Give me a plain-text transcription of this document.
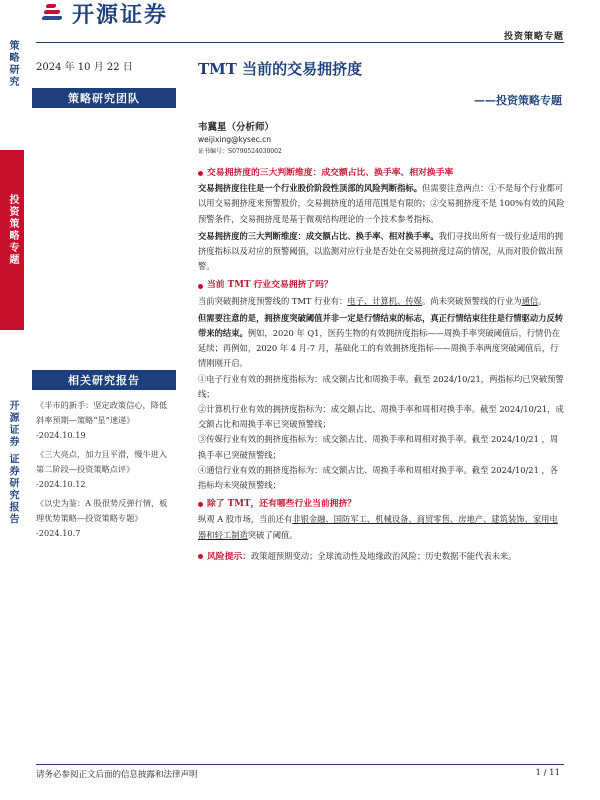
开源证券
投资策略专题
策略研究
投资策略专题
开源证券 证券研究报告
2024 年 10 月 22 日
策略研究团队
相关研究报告
《半市的新手：坚定政策信心，降低斜率预期—策略“星”速递》
-2024.10.19
《三大亮点，加力且平滑，慢牛进入第二阶段—投资策略点评》
-2024.10.12
《以史为鉴：A 股很势反弹行情，板理优势策略—投资策略专题》
-2024.10.7
TMT 当前的交易拥挤度
——投资策略专题
韦冀星（分析师）
weijixing@kysec.cn
证书编号：S0790524030002
交易拥挤度的三大判断维度：成交额占比、换手率、相对换手率

交易拥挤度往往是一个行业股价阶段性顶部的风险判断指标。但需要注意两点：①不是每个行业都可以用交易拥挤度来预警股价，交易拥挤度的适用范围是有限的；②交易拥挤度不是 100%有效的风险预警条件，交易拥挤度是基于微观结构理论的一个技术参考指标。

交易拥挤度的三大判断维度：成交额占比、换手率、相对换手率。我们寻找出所有一级行业适用的拥挤度指标以及对应的预警阈值，以监测对应行业是否处在交易拥挤度过高的情况，从而对股价做出预警。

当前 TMT 行业交易拥挤了吗？

当前突破拥挤度预警线的 TMT 行业有：电子、计算机、传媒。尚未突破预警线的行业为通信。

但需要注意的是，拥挤度突破阈值并非一定是行情结束的标志，真正行情结束往往是行情驱动力反转带来的结束。例如，2020 年 Q1，医药生物的有效拥挤度指标——周换手率突破阈值后，行情仍在延续；再例如，2020 年 4 月-7 月，基础化工的有效拥挤度指标——周换手率两度突破阈值后，行情刚刚开启。

①电子行业有效的拥挤度指标为：成交额占比和周换手率。截至 2024/10/21，两指标均已突破预警线；

②计算机行业有效的拥挤度指标为：成交额占比、周换手率和周相对换手率。截至 2024/10/21，成交额占比和周换手率已突破预警线；

③传媒行业有效的拥挤度指标为：成交额占比、周换手率和周相对换手率。截至 2024/10/21 ，周换手率已突破预警线；

④通信行业有效的拥挤度指标为：成交额占比、周换手率和周相对换手率。截至 2024/10/21 ，各指标均未突破预警线；

除了 TMT，还有哪些行业当前拥挤？

纵观 A 股市场，当前还有非银金融、国防军工、机械设备、商贸零售、房地产、建筑装饰、家用电器和轻工制造突破了阈值。

风险提示：政策超预期变动；全球流动性及地缘政治风险；历史数据不能代表未来。

请务必参阅正文后面的信息披露和法律声明	1 / 11
